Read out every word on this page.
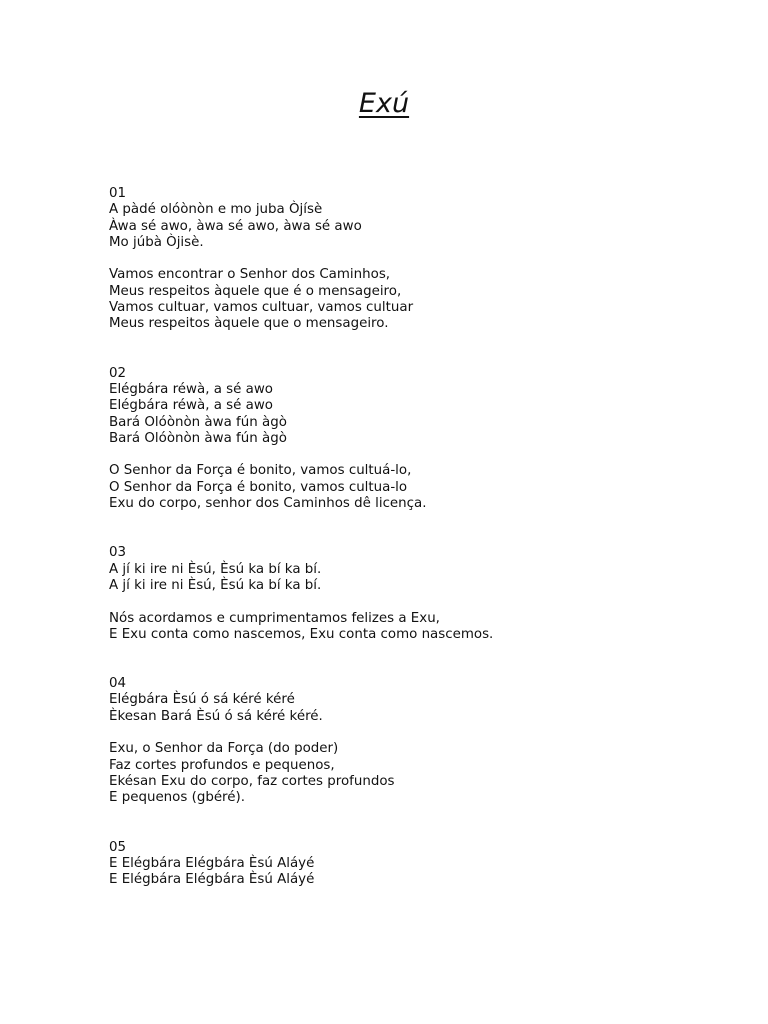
Exú
01
A pàdé olóònòn e mo juba Òjísè
Àwa sé awo, àwa sé awo, àwa sé awo
Mo júbà Òjisè.
Vamos encontrar o Senhor dos Caminhos,
Meus respeitos àquele que é o mensageiro,
Vamos cultuar, vamos cultuar, vamos cultuar
Meus respeitos àquele que o mensageiro.
02
Elégbára réwà, a sé awo
Elégbára réwà, a sé awo
Bará Olóònòn àwa fún àgò
Bará Olóònòn àwa fún àgò
O Senhor da Força é bonito, vamos cultuá-lo,
O Senhor da Força é bonito, vamos cultua-lo
Exu do corpo, senhor dos Caminhos dê licença.
03
A jí ki ire ni Èsú, Èsú ka bí ka bí.
A jí ki ire ni Èsú, Èsú ka bí ka bí.
Nós acordamos e cumprimentamos felizes a Exu,
E Exu conta como nascemos, Exu conta como nascemos.
04
Elégbára Èsú ó sá kéré kéré
Èkesan Bará Èsú ó sá kéré kéré.
Exu, o Senhor da Força (do poder)
Faz cortes profundos e pequenos,
Ekésan Exu do corpo, faz cortes profundos
E pequenos (gbéré).
05
E Elégbára Elégbára Èsú Aláyé
E Elégbára Elégbára Èsú Aláyé
